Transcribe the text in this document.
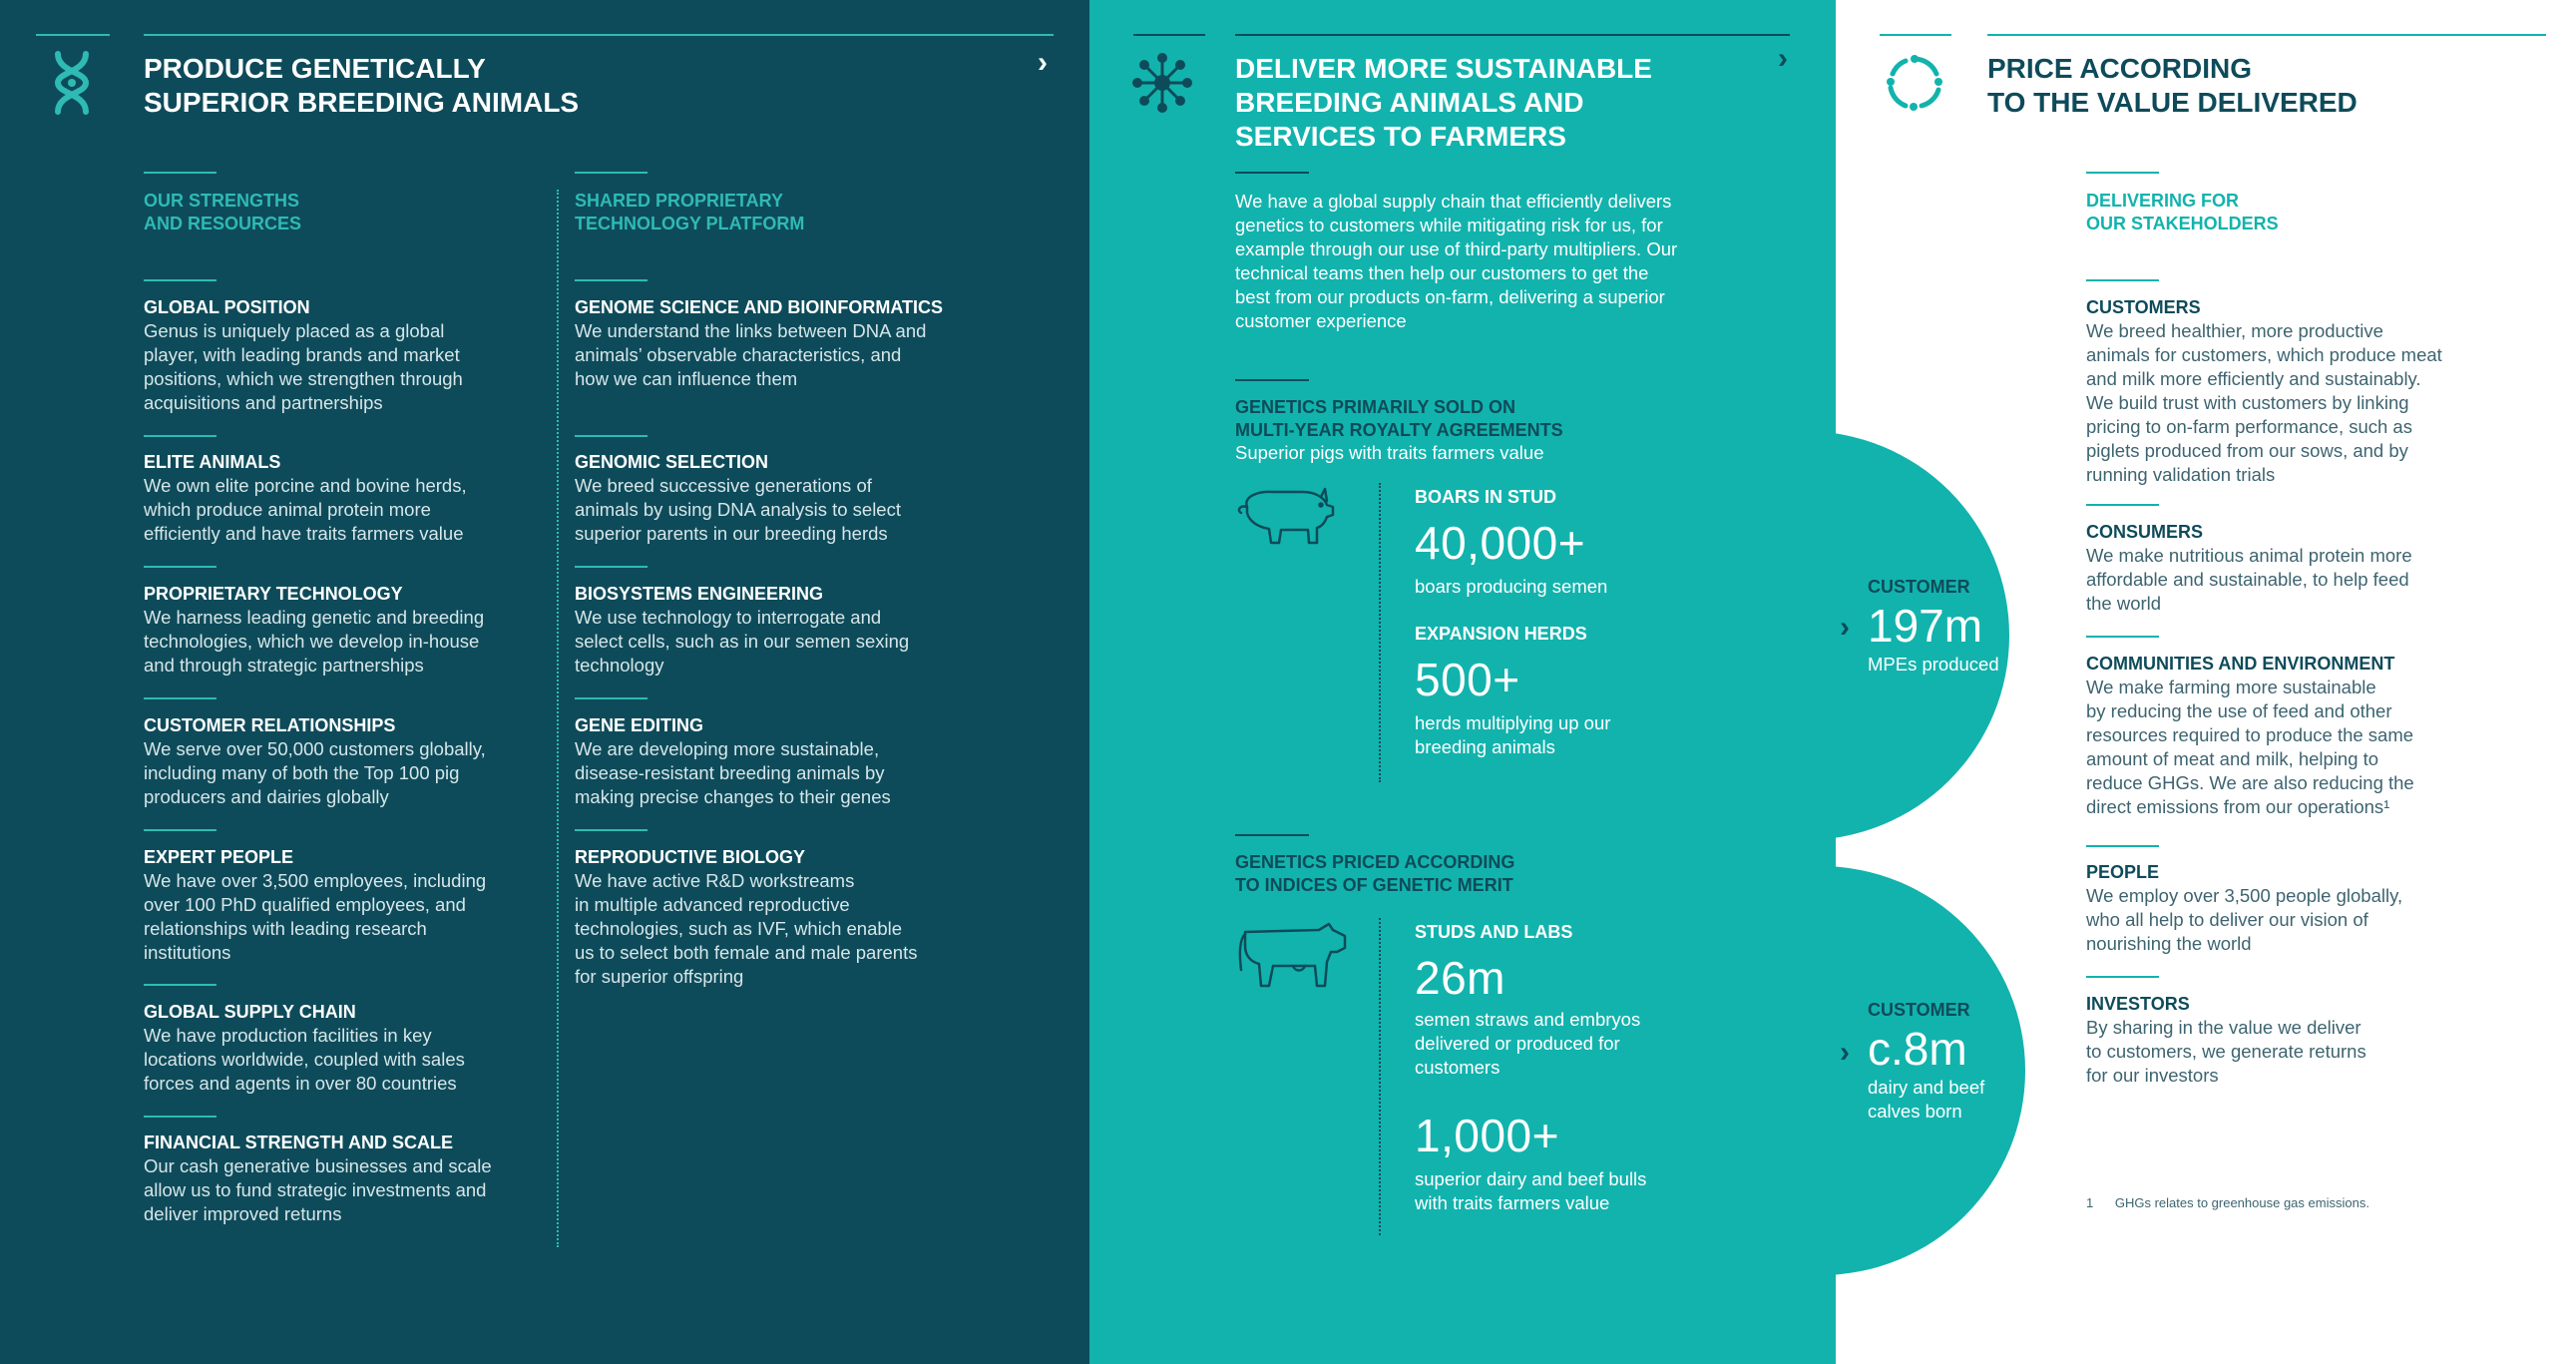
PRODUCE GENETICALLY
SUPERIOR BREEDING ANIMALS
›
OUR STRENGTHS
AND RESOURCES
SHARED PROPRIETARY
TECHNOLOGY PLATFORM
GLOBAL POSITION
Genus is uniquely placed as a global
player, with leading brands and market
positions, which we strengthen through
acquisitions and partnerships
ELITE ANIMALS
We own elite porcine and bovine herds,
which produce animal protein more
efficiently and have traits farmers value
PROPRIETARY TECHNOLOGY
We harness leading genetic and breeding
technologies, which we develop in-house
and through strategic partnerships
CUSTOMER RELATIONSHIPS
We serve over 50,000 customers globally,
including many of both the Top 100 pig
producers and dairies globally
EXPERT PEOPLE
We have over 3,500 employees, including
over 100 PhD qualified employees, and
relationships with leading research
institutions
GLOBAL SUPPLY CHAIN
We have production facilities in key
locations worldwide, coupled with sales
forces and agents in over 80 countries
FINANCIAL STRENGTH AND SCALE
Our cash generative businesses and scale
allow us to fund strategic investments and
deliver improved returns
GENOME SCIENCE AND BIOINFORMATICS
We understand the links between DNA and
animals’ observable characteristics, and
how we can influence them
GENOMIC SELECTION
We breed successive generations of
animals by using DNA analysis to select
superior parents in our breeding herds
BIOSYSTEMS ENGINEERING
We use technology to interrogate and
select cells, such as in our semen sexing
technology
GENE EDITING
We are developing more sustainable,
disease-resistant breeding animals by
making precise changes to their genes
REPRODUCTIVE BIOLOGY
We have active R&D workstreams
in multiple advanced reproductive
technologies, such as IVF, which enable
us to select both female and male parents
for superior offspring
DELIVER MORE SUSTAINABLE
BREEDING ANIMALS AND
SERVICES TO FARMERS
›
We have a global supply chain that efficiently delivers
genetics to customers while mitigating risk for us, for
example through our use of third-party multipliers. Our
technical teams then help our customers to get the
best from our products on-farm, delivering a superior
customer experience
GENETICS PRIMARILY SOLD ON
MULTI-YEAR ROYALTY AGREEMENTS
Superior pigs with traits farmers value
BOARS IN STUD
40,000+
boars producing semen
EXPANSION HERDS
500+
herds multiplying up our
breeding animals
GENETICS PRICED ACCORDING
TO INDICES OF GENETIC MERIT
STUDS AND LABS
26m
semen straws and embryos
delivered or produced for
customers
1,000+
superior dairy and beef bulls
with traits farmers value
PRICE ACCORDING
TO THE VALUE DELIVERED
›
CUSTOMER
197m
MPEs produced
›
CUSTOMER
c.8m
dairy and beef
calves born
DELIVERING FOR
OUR STAKEHOLDERS
CUSTOMERS
We breed healthier, more productive
animals for customers, which produce meat
and milk more efficiently and sustainably.
We build trust with customers by linking
pricing to on-farm performance, such as
piglets produced from our sows, and by
running validation trials
CONSUMERS
We make nutritious animal protein more
affordable and sustainable, to help feed
the world
COMMUNITIES AND ENVIRONMENT
We make farming more sustainable
by reducing the use of feed and other
resources required to produce the same
amount of meat and milk, helping to
reduce GHGs. We are also reducing the
direct emissions from our operations¹
PEOPLE
We employ over 3,500 people globally,
who all help to deliver our vision of
nourishing the world
INVESTORS
By sharing in the value we deliver
to customers, we generate returns
for our investors
1 GHGs relates to greenhouse gas emissions.
